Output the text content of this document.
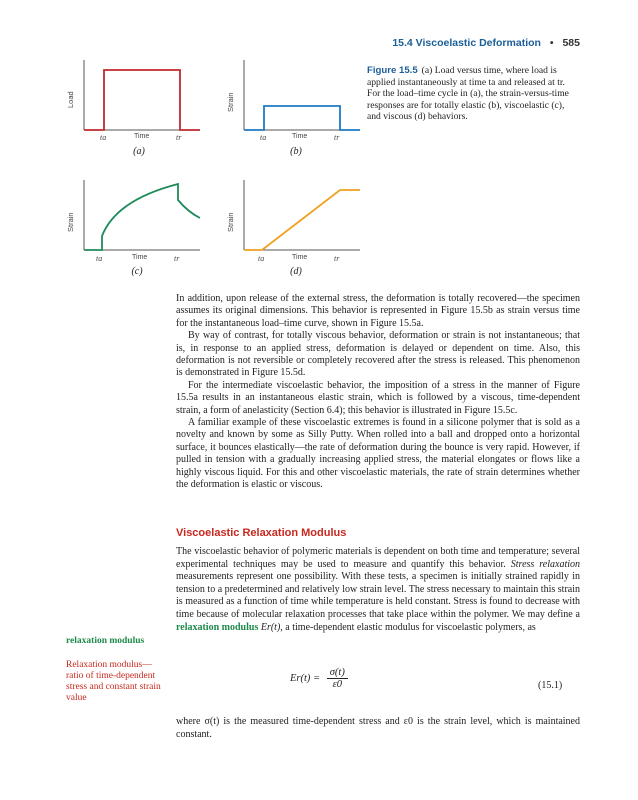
15.4 Viscoelastic Deformation • 585
Figure 15.5 (a) Load versus time, where load is applied instantaneously at time ta and released at tr. For the load–time cycle in (a), the strain-versus-time responses are for totally elastic (b), viscoelastic (c), and viscous (d) behaviors.
Load
ta	Time	tr
(a)
Strain
ta	Time	tr
(b)
Strain
ta	Time	tr
(c)
Strain
ta	Time	tr
(d)

In addition, upon release of the external stress, the deformation is totally recovered—the specimen assumes its original dimensions. This behavior is represented in Figure 15.5b as strain versus time for the instantaneous load–time curve, shown in Figure 15.5a.

By way of contrast, for totally viscous behavior, deformation or strain is not instantaneous; that is, in response to an applied stress, deformation is delayed or dependent on time. Also, this deformation is not reversible or completely recovered after the stress is released. This phenomenon is demonstrated in Figure 15.5d.

For the intermediate viscoelastic behavior, the imposition of a stress in the manner of Figure 15.5a results in an instantaneous elastic strain, which is followed by a viscous, time-dependent strain, a form of anelasticity (Section 6.4); this behavior is illustrated in Figure 15.5c.

A familiar example of these viscoelastic extremes is found in a silicone polymer that is sold as a novelty and known by some as Silly Putty. When rolled into a ball and dropped onto a horizontal surface, it bounces elastically—the rate of deformation during the bounce is very rapid. However, if pulled in tension with a gradually increasing applied stress, the material elongates or flows like a highly viscous liquid. For this and other viscoelastic materials, the rate of strain determines whether the deformation is elastic or viscous.

Viscoelastic Relaxation Modulus

The viscoelastic behavior of polymeric materials is dependent on both time and temperature; several experimental techniques may be used to measure and quantify this behavior. Stress relaxation measurements represent one possibility. With these tests, a specimen is initially strained rapidly in tension to a predetermined and relatively low strain level. The stress necessary to maintain this strain is measured as a function of time while temperature is held constant. Stress is found to decrease with time because of molecular relaxation processes that take place within the polymer. We may define a relaxation modulus Er(t), a time-dependent elastic modulus for viscoelastic polymers, as

relaxation modulus
Relaxation modulus—ratio of time-dependent stress and constant strain value
$Er(t) = \frac{\sigma(t)}{\varepsilon 0}$	(15.1)
where σ(t) is the measured time-dependent stress and ε0 is the strain level, which is maintained constant.
